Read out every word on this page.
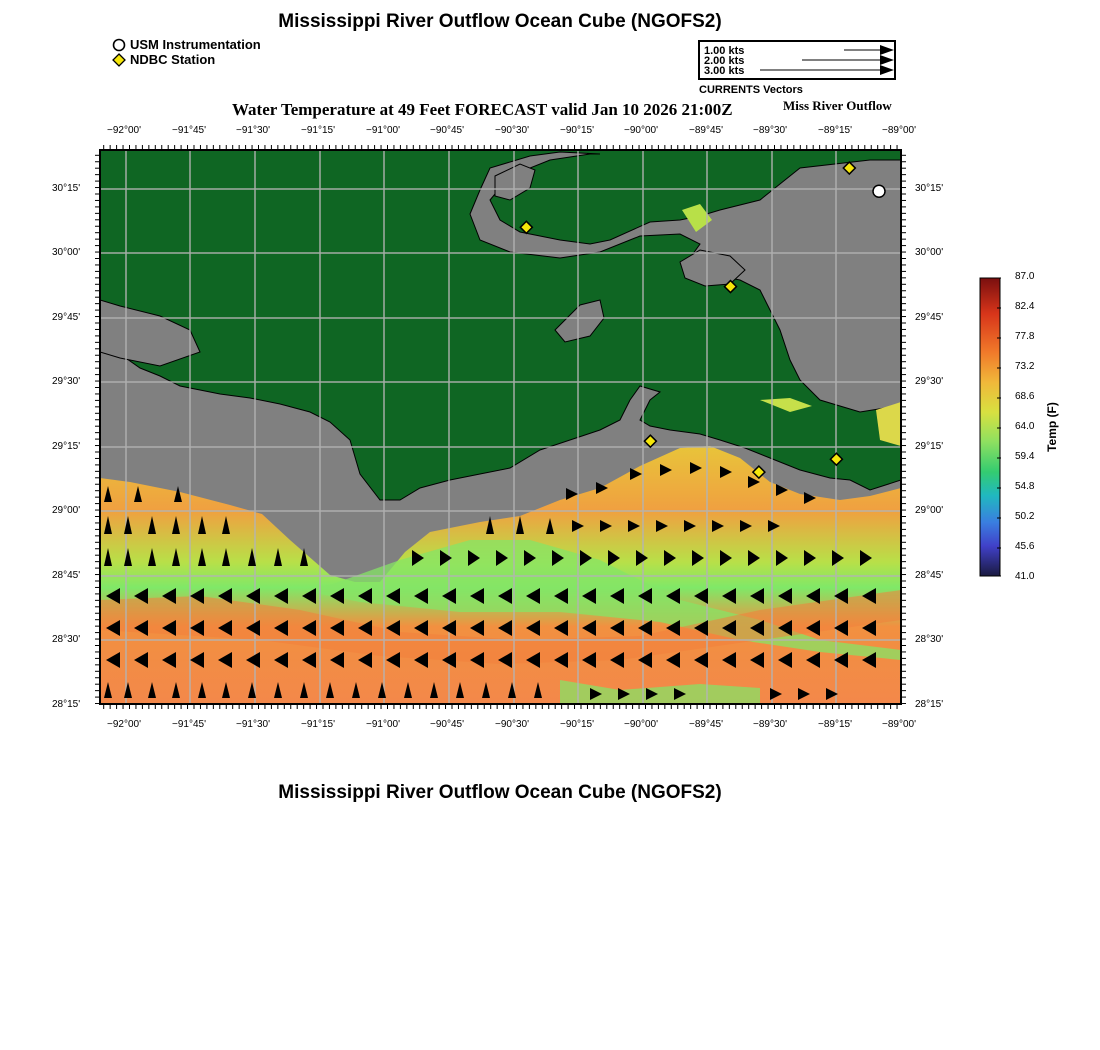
Mississippi River Outflow Ocean Cube (NGOFS2)
USM Instrumentation
NDBC Station
1.00 kts
2.00 kts
3.00 kts
CURRENTS Vectors
Water Temperature at 49 Feet FORECAST valid Jan 10 2026 21:00Z	Miss River Outflow
−92°00'	−91°45'	−91°30'	−91°15'	−91°00'	−90°45'	−90°30'	−90°15'	−90°00'	−89°45'	−89°30'	−89°15'	−89°00'
−92°00'	−91°45'	−91°30'	−91°15'	−91°00'	−90°45'	−90°30'	−90°15'	−90°00'	−89°45'	−89°30'	−89°15'	−89°00'
30°15'
30°00'
29°45'
29°30'
29°15'
29°00'
28°45'
28°30'
28°15'
30°15'
30°00'
29°45'
29°30'
29°15'
29°00'
28°45'
28°30'
28°15'
87.0
82.4
77.8
73.2
68.6
64.0
59.4
54.8
50.2
45.6
41.0
Temp (F)
Mississippi River Outflow Ocean Cube (NGOFS2)
